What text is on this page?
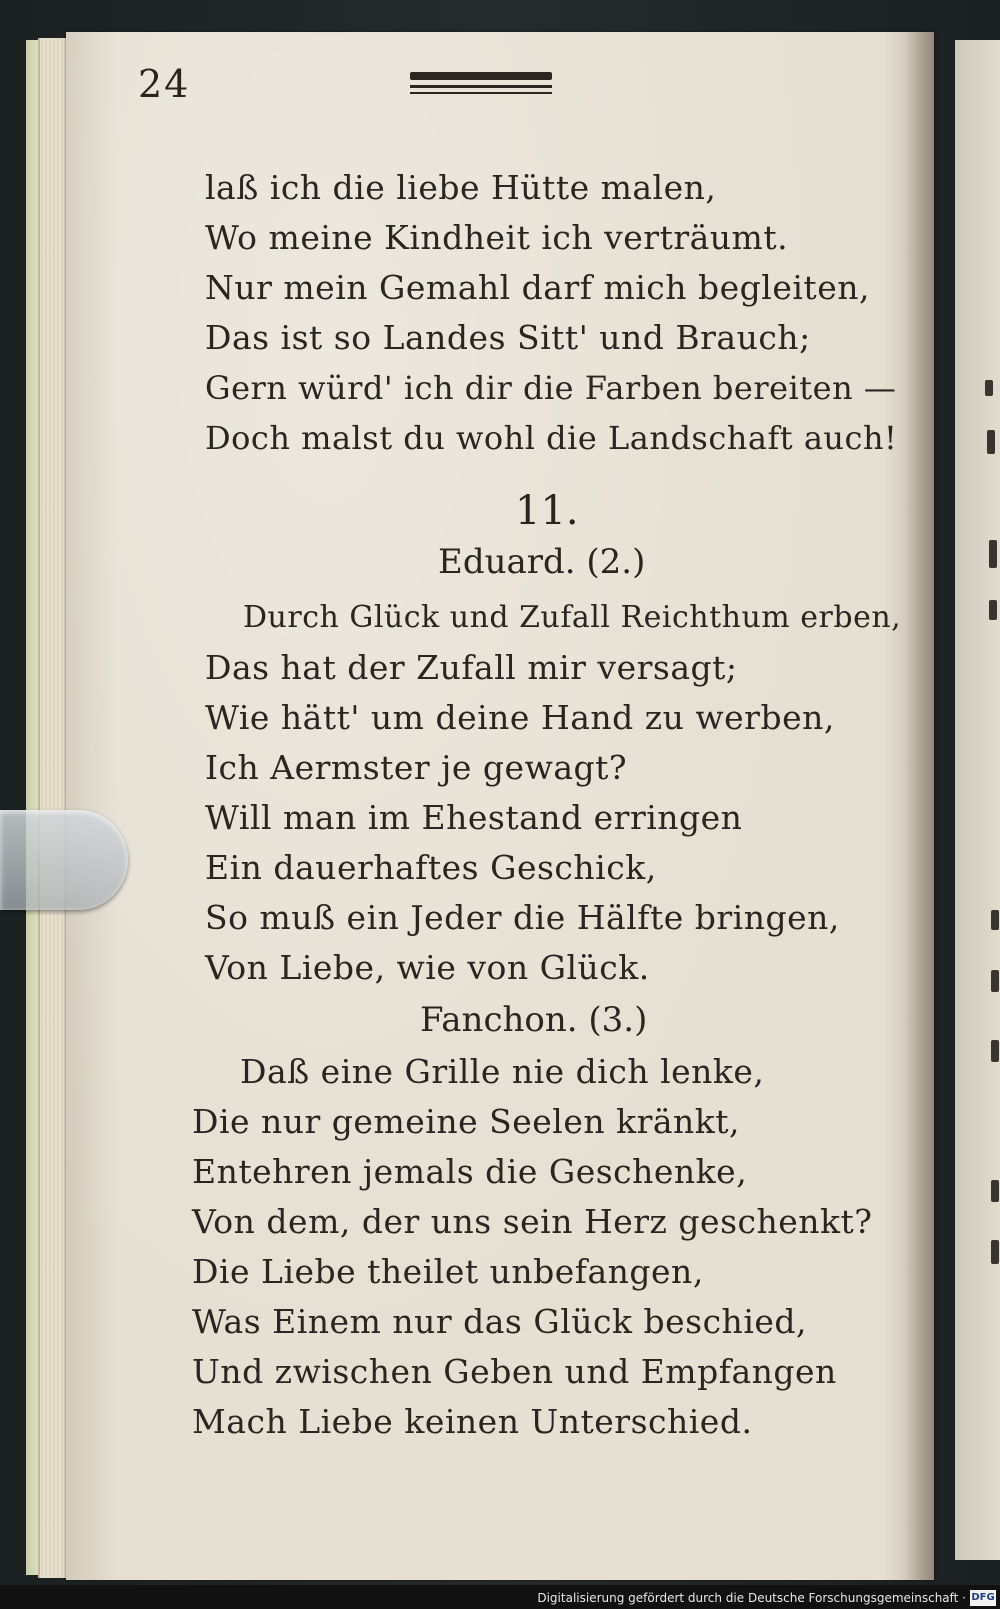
24
laß ich die liebe Hütte malen,
Wo meine Kindheit ich verträumt.
Nur mein Gemahl darf mich begleiten,
Das ist so Landes Sitt' und Brauch;
Gern würd' ich dir die Farben bereiten —
Doch malst du wohl die Landschaft auch!
11.
Eduard. (2.)
Durch Glück und Zufall Reichthum erben,
Das hat der Zufall mir versagt;
Wie hätt' um deine Hand zu werben,
Ich Aermster je gewagt?
Will man im Ehestand erringen
Ein dauerhaftes Geschick,
So muß ein Jeder die Hälfte bringen,
Von Liebe, wie von Glück.
Fanchon. (3.)
Daß eine Grille nie dich lenke,
Die nur gemeine Seelen kränkt,
Entehren jemals die Geschenke,
Von dem, der uns sein Herz geschenkt?
Die Liebe theilet unbefangen,
Was Einem nur das Glück beschied,
Und zwischen Geben und Empfangen
Mach Liebe keinen Unterschied.
Digitalisierung gefördert durch die Deutsche Forschungsgemeinschaft · DFG
